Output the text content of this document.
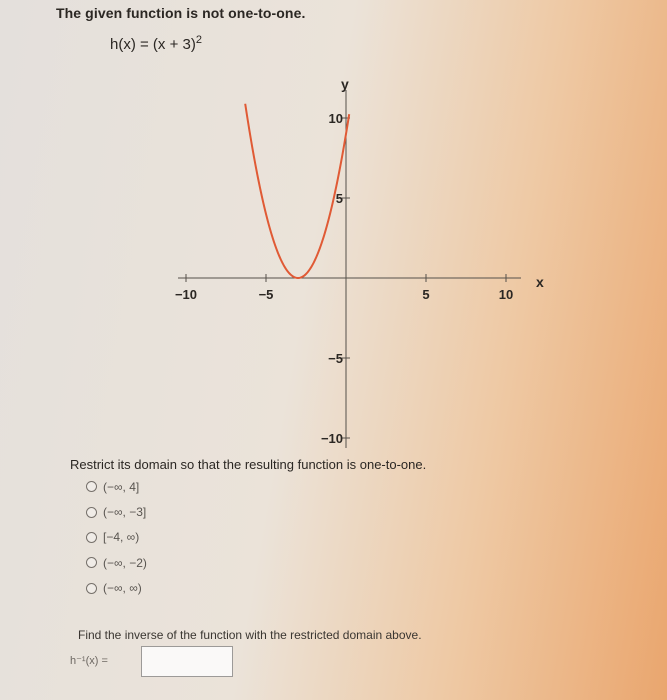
The given function is not one-to-one.
$h(x) = (x + 3)^2$
x
y
−10	−5	5	10
10
5
−5
−10
Restrict its domain so that the resulting function is one-to-one.
(−∞, 4]
(−∞, −3]
[−4, ∞)
(−∞, −2)
(−∞, ∞)
Find the inverse of the function with the restricted domain above.
h⁻¹(x) =
